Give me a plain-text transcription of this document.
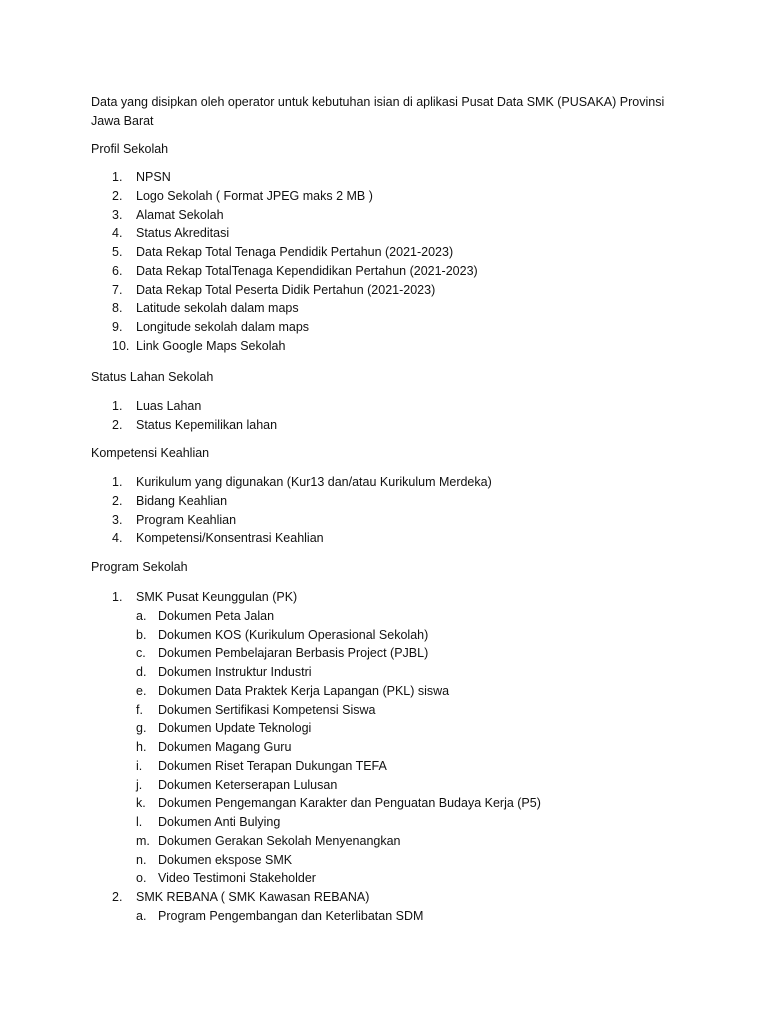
Data yang disipkan oleh operator untuk kebutuhan isian di aplikasi Pusat Data SMK (PUSAKA) Provinsi Jawa Barat

Profil Sekolah
1. NPSN
2. Logo Sekolah ( Format JPEG maks 2 MB )
3. Alamat Sekolah
4. Status Akreditasi
5. Data Rekap Total Tenaga Pendidik Pertahun (2021-2023)
6. Data Rekap TotalTenaga Kependidikan Pertahun (2021-2023)
7. Data Rekap Total Peserta Didik Pertahun (2021-2023)
8. Latitude sekolah dalam maps
9. Longitude sekolah dalam maps
10. Link Google Maps Sekolah
Status Lahan Sekolah
1. Luas Lahan
2. Status Kepemilikan lahan
Kompetensi Keahlian
1. Kurikulum yang digunakan (Kur13 dan/atau Kurikulum Merdeka)
2. Bidang Keahlian
3. Program Keahlian
4. Kompetensi/Konsentrasi Keahlian
Program Sekolah
1. SMK Pusat Keunggulan (PK)
a. Dokumen Peta Jalan
b. Dokumen KOS (Kurikulum Operasional Sekolah)
c. Dokumen Pembelajaran Berbasis Project (PJBL)
d. Dokumen Instruktur Industri
e. Dokumen Data Praktek Kerja Lapangan (PKL) siswa
f. Dokumen Sertifikasi Kompetensi Siswa
g. Dokumen Update Teknologi
h. Dokumen Magang Guru
i. Dokumen Riset Terapan Dukungan TEFA
j. Dokumen Keterserapan Lulusan
k. Dokumen Pengemangan Karakter dan Penguatan Budaya Kerja (P5)
l. Dokumen Anti Bulying
m. Dokumen Gerakan Sekolah Menyenangkan
n. Dokumen ekspose SMK
o. Video Testimoni Stakeholder
2. SMK REBANA ( SMK Kawasan REBANA)
a. Program Pengembangan dan Keterlibatan SDM
